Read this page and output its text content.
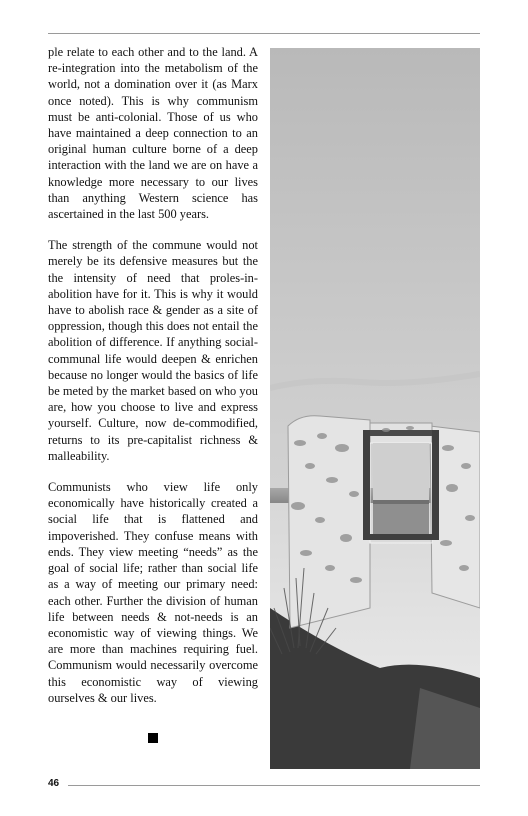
ple relate to each other and to the land. A re-integration into the metabolism of the world, not a domination over it (as Marx once noted). This is why communism must be anti-colonial. Those of us who have maintained a deep connection to an original human culture borne of a deep interaction with the land we are on have a knowledge more necessary to our lives than anything Western science has ascertained in the last 500 years.

The strength of the commune would not merely be its defensive measures but the the intensity of need that proles-in-abolition have for it. This is why it would have to abolish race & gender as a site of oppression, though this does not entail the abolition of difference. If anything social-communal life would deepen & enrichen because no longer would the basics of life be meted by the market based on who you are, how you choose to live and express yourself. Culture, now de-commodified, returns to its pre-capitalist richness & malleability.

Communists who view life only economically have historically created a social life that is flattened and impoverished. They confuse means with ends. They view meeting “needs” as the goal of social life; rather than social life as a way of meeting our primary need: each other. Further the division of human life between needs & not-needs is an economistic way of viewing things. We are more than machines requiring fuel. Communism would necessarily overcome this economistic way of viewing ourselves & our lives.

46
